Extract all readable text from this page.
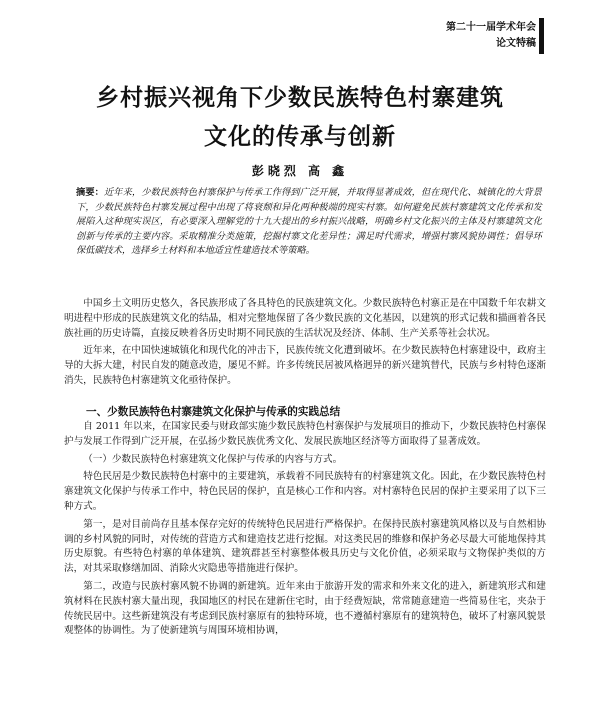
第二十一届学术年会
论文特稿
乡村振兴视角下少数民族特色村寨建筑
文化的传承与创新
彭晓烈 高 鑫
摘要：近年来，少数民族特色村寨保护与传承工作得到广泛开展，并取得显著成效，但在现代化、城镇化的大背景下，少数民族特色村寨发展过程中出现了将衰颓和异化两种极端的现实村寨。如何避免民族村寨建筑文化传承和发展陷入这种现实误区，有必要深入理解党的十九大提出的乡村振兴战略，明确乡村文化振兴的主体及村寨建筑文化创新与传承的主要内容。采取精准分类施策，挖掘村寨文化差异性；满足时代需求，增强村寨风貌协调性；倡导环保低碳技术，选择乡土材料和本地适宜性建造技术等策略。

中国乡土文明历史悠久，各民族形成了各具特色的民族建筑文化。少数民族特色村寨正是在中国数千年农耕文明进程中形成的民族建筑文化的结晶，相对完整地保留了各少数民族的文化基因，以建筑的形式记载和描画着各民族社画的历史诗篇，直接反映着各历史时期不同民族的生活状况及经济、体制、生产关系等社会状况。

近年来，在中国快速城镇化和现代化的冲击下，民族传统文化遭到破坏。在少数民族特色村寨建设中，政府主导的大拆大建，村民自发的随意改造，屡见不鲜。许多传统民居被风格迥异的新兴建筑替代，民族与乡村特色逐渐消失，民族特色村寨建筑文化亟待保护。

一、少数民族特色村寨建筑文化保护与传承的实践总结

自 2011 年以来，在国家民委与财政部实施少数民族特色村寨保护与发展项目的推动下，少数民族特色村寨保护与发展工作得到广泛开展，在弘扬少数民族优秀文化、发展民族地区经济等方面取得了显著成效。

（一）少数民族特色村寨建筑文化保护与传承的内容与方式。

特色民居是少数民族特色村寨中的主要建筑，承载着不同民族特有的村寨建筑文化。因此，在少数民族特色村寨建筑文化保护与传承工作中，特色民居的保护，直是核心工作和内容。对村寨特色民居的保护主要采用了以下三种方式。

第一，是对目前尚存且基本保存完好的传统特色民居进行严格保护。在保持民族村寨建筑风格以及与自然相协调的乡村风貌的同时，对传统的营造方式和建造技艺进行挖掘。对这类民居的维修和保护务必尽最大可能地保持其历史原貌。有些特色村寨的单体建筑、建筑群甚至村寨整体极具历史与文化价值，必须采取与文物保护类似的方法，对其采取修缮加固、消除火灾隐患等措施进行保护。

第二，改造与民族村寨风貌不协调的新建筑。近年来由于旅游开发的需求和外来文化的进入，新建筑形式和建筑材料在民族村寨大量出现，我国地区的村民在建新住宅时，由于经费短缺，常常随意建造一些简易住宅，夹杂于传统民居中。这些新建筑没有考虑到民族村寨原有的独特环境，也不遵循村寨原有的建筑特色，破坏了村寨风貌景观整体的协调性。为了使新建筑与周围环境相协调，
